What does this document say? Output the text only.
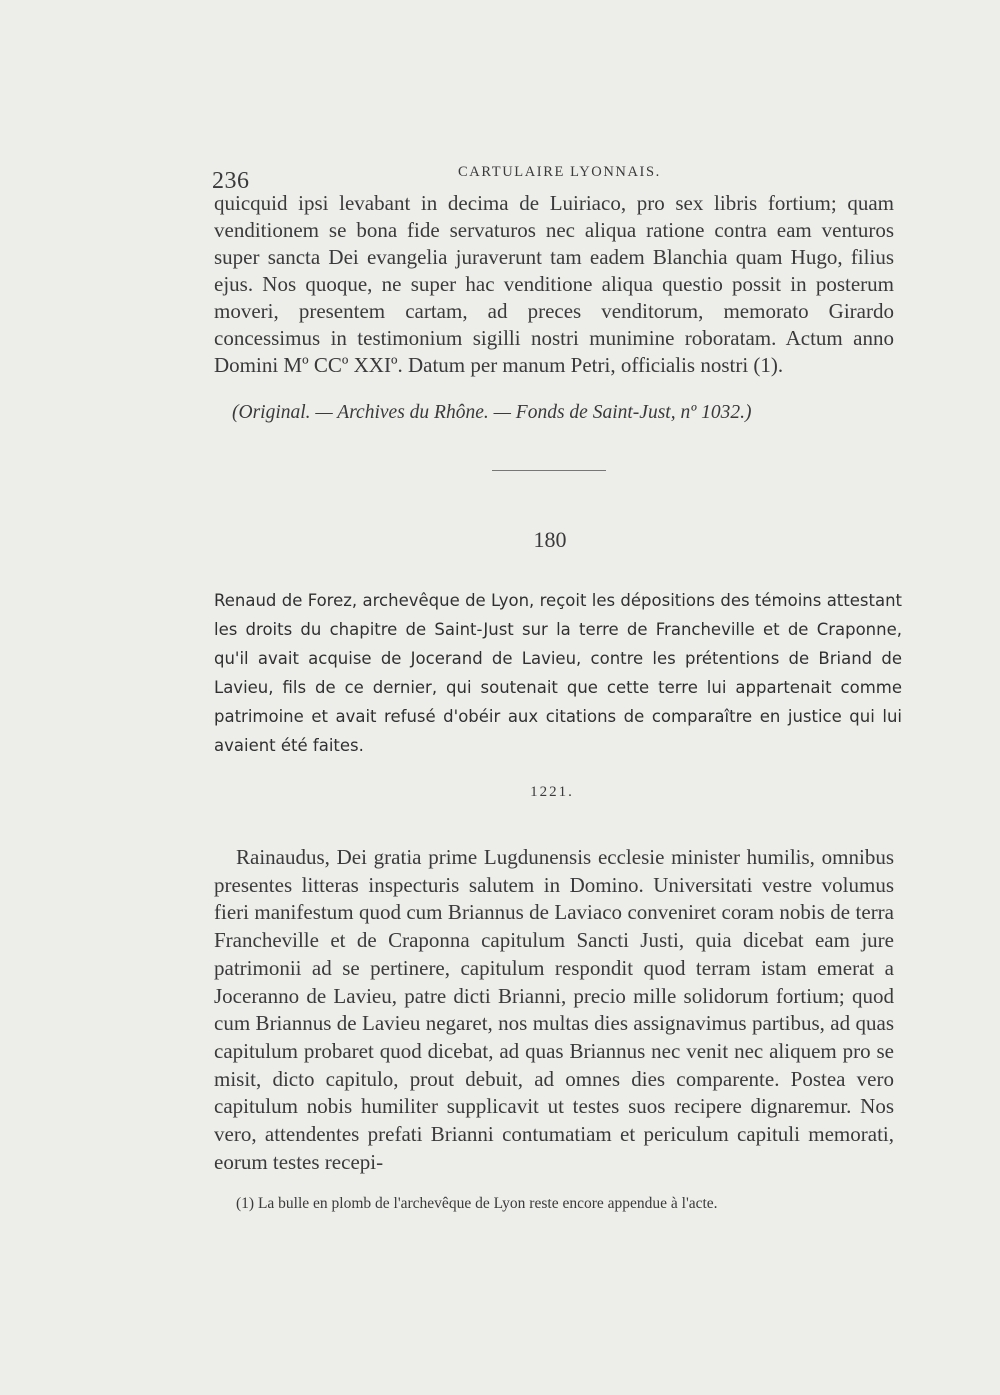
236	CARTULAIRE LYONNAIS.

quicquid ipsi levabant in decima de Luiriaco, pro sex libris fortium; quam venditionem se bona fide servaturos nec aliqua ratione contra eam venturos super sancta Dei evangelia juraverunt tam eadem Blanchia quam Hugo, filius ejus. Nos quoque, ne super hac venditione aliqua questio possit in posterum moveri, presentem cartam, ad preces venditorum, memorato Girardo concessimus in testimonium sigilli nostri munimine roboratam. Actum anno Domini Mº CCº XXIº. Datum per manum Petri, officialis nostri (1).

(Original. — Archives du Rhône. — Fonds de Saint-Just, nº 1032.)

180

Renaud de Forez, archevêque de Lyon, reçoit les dépositions des témoins attestant les droits du chapitre de Saint-Just sur la terre de Francheville et de Craponne, qu'il avait acquise de Jocerand de Lavieu, contre les prétentions de Briand de Lavieu, fils de ce dernier, qui soutenait que cette terre lui appartenait comme patrimoine et avait refusé d'obéir aux citations de comparaître en justice qui lui avaient été faites.

1221.

Rainaudus, Dei gratia prime Lugdunensis ecclesie minister humilis, omnibus presentes litteras inspecturis salutem in Domino. Universitati vestre volumus fieri manifestum quod cum Briannus de Laviaco conveniret coram nobis de terra Francheville et de Craponna capitulum Sancti Justi, quia dicebat eam jure patrimonii ad se pertinere, capitulum respondit quod terram istam emerat a Joceranno de Lavieu, patre dicti Brianni, precio mille solidorum fortium; quod cum Briannus de Lavieu negaret, nos multas dies assignavimus partibus, ad quas capitulum probaret quod dicebat, ad quas Briannus nec venit nec aliquem pro se misit, dicto capitulo, prout debuit, ad omnes dies comparente. Postea vero capitulum nobis humiliter supplicavit ut testes suos recipere dignaremur. Nos vero, attendentes prefati Brianni contumatiam et periculum capituli memorati, eorum testes recepi-

(1) La bulle en plomb de l'archevêque de Lyon reste encore appendue à l'acte.
